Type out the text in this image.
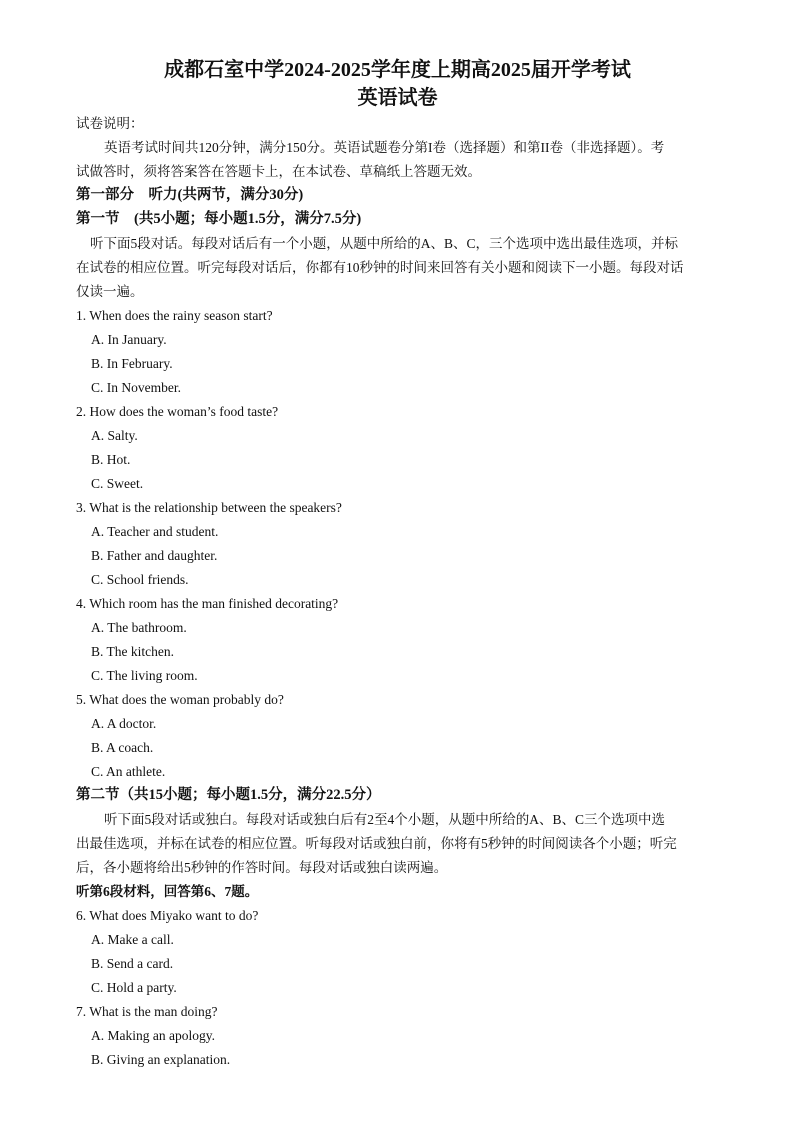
成都石室中学2024-2025学年度上期高2025届开学考试
英语试卷
试卷说明：
英语考试时间共120分钟，满分150分。英语试题卷分第I卷（选择题）和第II卷（非选择题）。考
试做答时，须将答案答在答题卡上，在本试卷、草稿纸上答题无效。
第一部分　听力(共两节，满分30分)
第一节　(共5小题；每小题1.5分，满分7.5分)
听下面5段对话。每段对话后有一个小题，从题中所给的A、B、C，三个选项中选出最佳选项，并标
在试卷的相应位置。听完每段对话后，你都有10秒钟的时间来回答有关小题和阅读下一小题。每段对话
仅读一遍。
1. When does the rainy season start?
A. In January.
B. In February.
C. In November.
2. How does the woman’s food taste?
A. Salty.
B. Hot.
C. Sweet.
3. What is the relationship between the speakers?
A. Teacher and student.
B. Father and daughter.
C. School friends.
4. Which room has the man finished decorating?
A. The bathroom.
B. The kitchen.
C. The living room.
5. What does the woman probably do?
A. A doctor.
B. A coach.
C. An athlete.
第二节（共15小题；每小题1.5分，满分22.5分）
听下面5段对话或独白。每段对话或独白后有2至4个小题，从题中所给的A、B、C三个选项中选
出最佳选项，并标在试卷的相应位置。听每段对话或独白前，你将有5秒钟的时间阅读各个小题；听完
后，各小题将给出5秒钟的作答时间。每段对话或独白读两遍。
听第6段材料，回答第6、7题。
6. What does Miyako want to do?
A. Make a call.
B. Send a card.
C. Hold a party.
7. What is the man doing?
A. Making an apology.
B. Giving an explanation.
